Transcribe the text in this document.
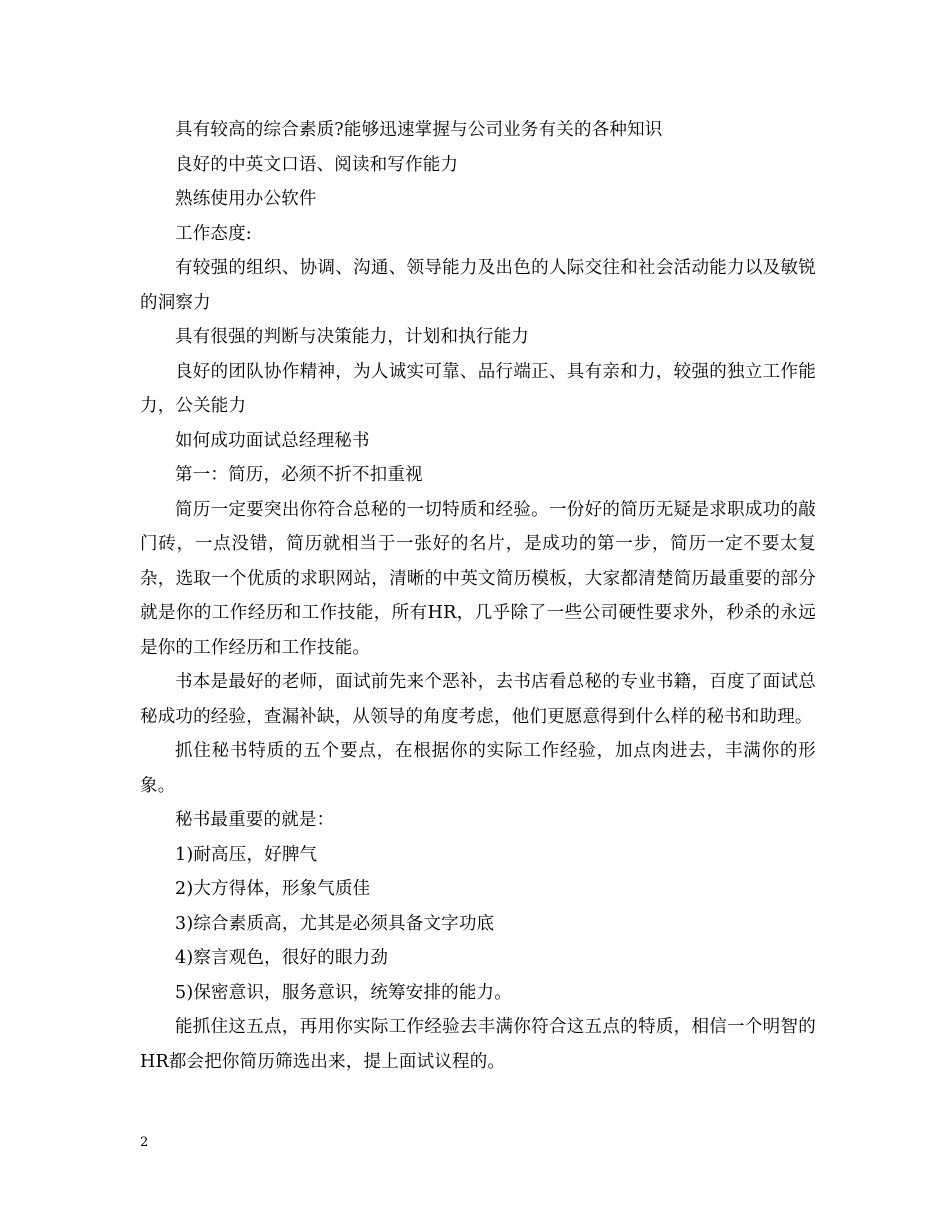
具有较高的综合素质?能够迅速掌握与公司业务有关的各种知识

良好的中英文口语、阅读和写作能力

熟练使用办公软件

工作态度:

有较强的组织、协调、沟通、领导能力及出色的人际交往和社会活动能力以及敏锐的洞察力

具有很强的判断与决策能力，计划和执行能力

良好的团队协作精神，为人诚实可靠、品行端正、具有亲和力，较强的独立工作能力，公关能力

如何成功面试总经理秘书

第一：简历，必须不折不扣重视

简历一定要突出你符合总秘的一切特质和经验。一份好的简历无疑是求职成功的敲门砖，一点没错，简历就相当于一张好的名片，是成功的第一步，简历一定不要太复杂，选取一个优质的求职网站，清晰的中英文简历模板，大家都清楚简历最重要的部分就是你的工作经历和工作技能，所有HR，几乎除了一些公司硬性要求外，秒杀的永远是你的工作经历和工作技能。

书本是最好的老师，面试前先来个恶补，去书店看总秘的专业书籍，百度了面试总秘成功的经验，查漏补缺，从领导的角度考虑，他们更愿意得到什么样的秘书和助理。

抓住秘书特质的五个要点，在根据你的实际工作经验，加点肉进去，丰满你的形象。

秘书最重要的就是：

1)耐高压，好脾气

2)大方得体，形象气质佳

3)综合素质高，尤其是必须具备文字功底

4)察言观色，很好的眼力劲

5)保密意识，服务意识，统筹安排的能力。

能抓住这五点，再用你实际工作经验去丰满你符合这五点的特质，相信一个明智的HR都会把你简历筛选出来，提上面试议程的。

2
